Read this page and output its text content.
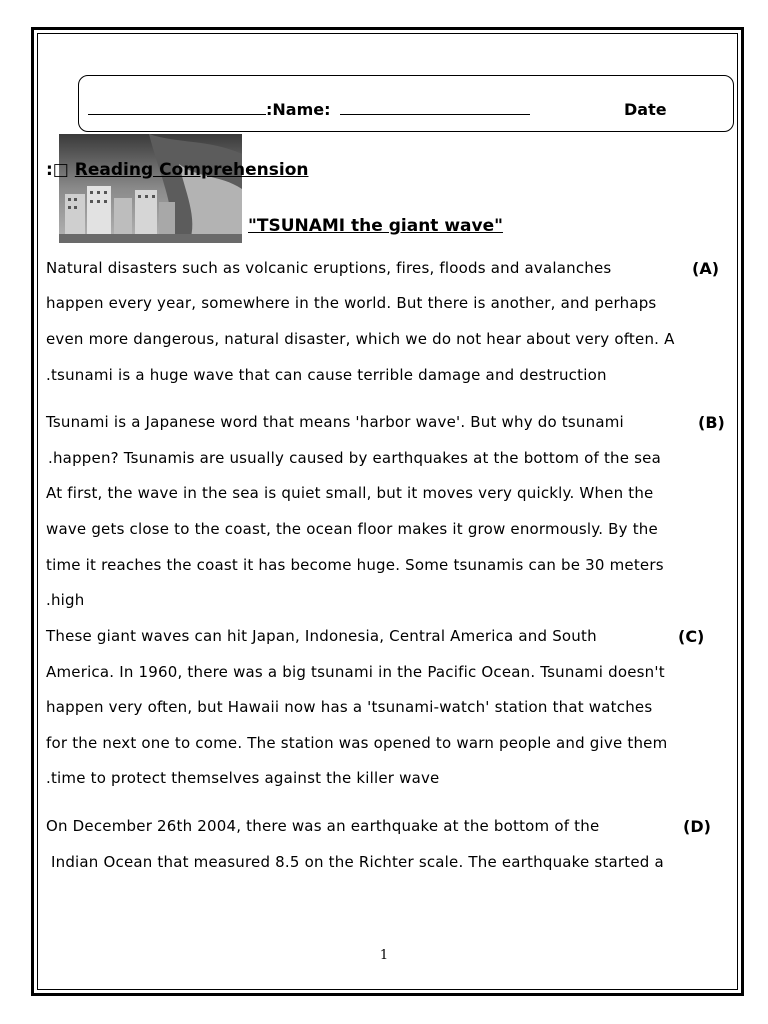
:Name:	Date
:□ Reading Comprehension
"TSUNAMI the giant wave"
Natural disasters such as volcanic eruptions, fires, floods and avalanches	(A)
happen every year, somewhere in the world. But there is another, and perhaps
even more dangerous, natural disaster, which we do not hear about very often. A
.tsunami is a huge wave that can cause terrible damage and destruction
Tsunami is a Japanese word that means 'harbor wave'. But why do tsunami	(B)
.happen? Tsunamis are usually caused by earthquakes at the bottom of the sea
At first, the wave in the sea is quiet small, but it moves very quickly. When the
wave gets close to the coast, the ocean floor makes it grow enormously. By the
time it reaches the coast it has become huge. Some tsunamis can be 30 meters
.high
These giant waves can hit Japan, Indonesia, Central America and South	(C)
America. In 1960, there was a big tsunami in the Pacific Ocean. Tsunami doesn't
happen very often, but Hawaii now has a 'tsunami-watch' station that watches
for the next one to come. The station was opened to warn people and give them
.time to protect themselves against the killer wave
On December 26th 2004, there was an earthquake at the bottom of the	(D)
Indian Ocean that measured 8.5 on the Richter scale. The earthquake started a
1
